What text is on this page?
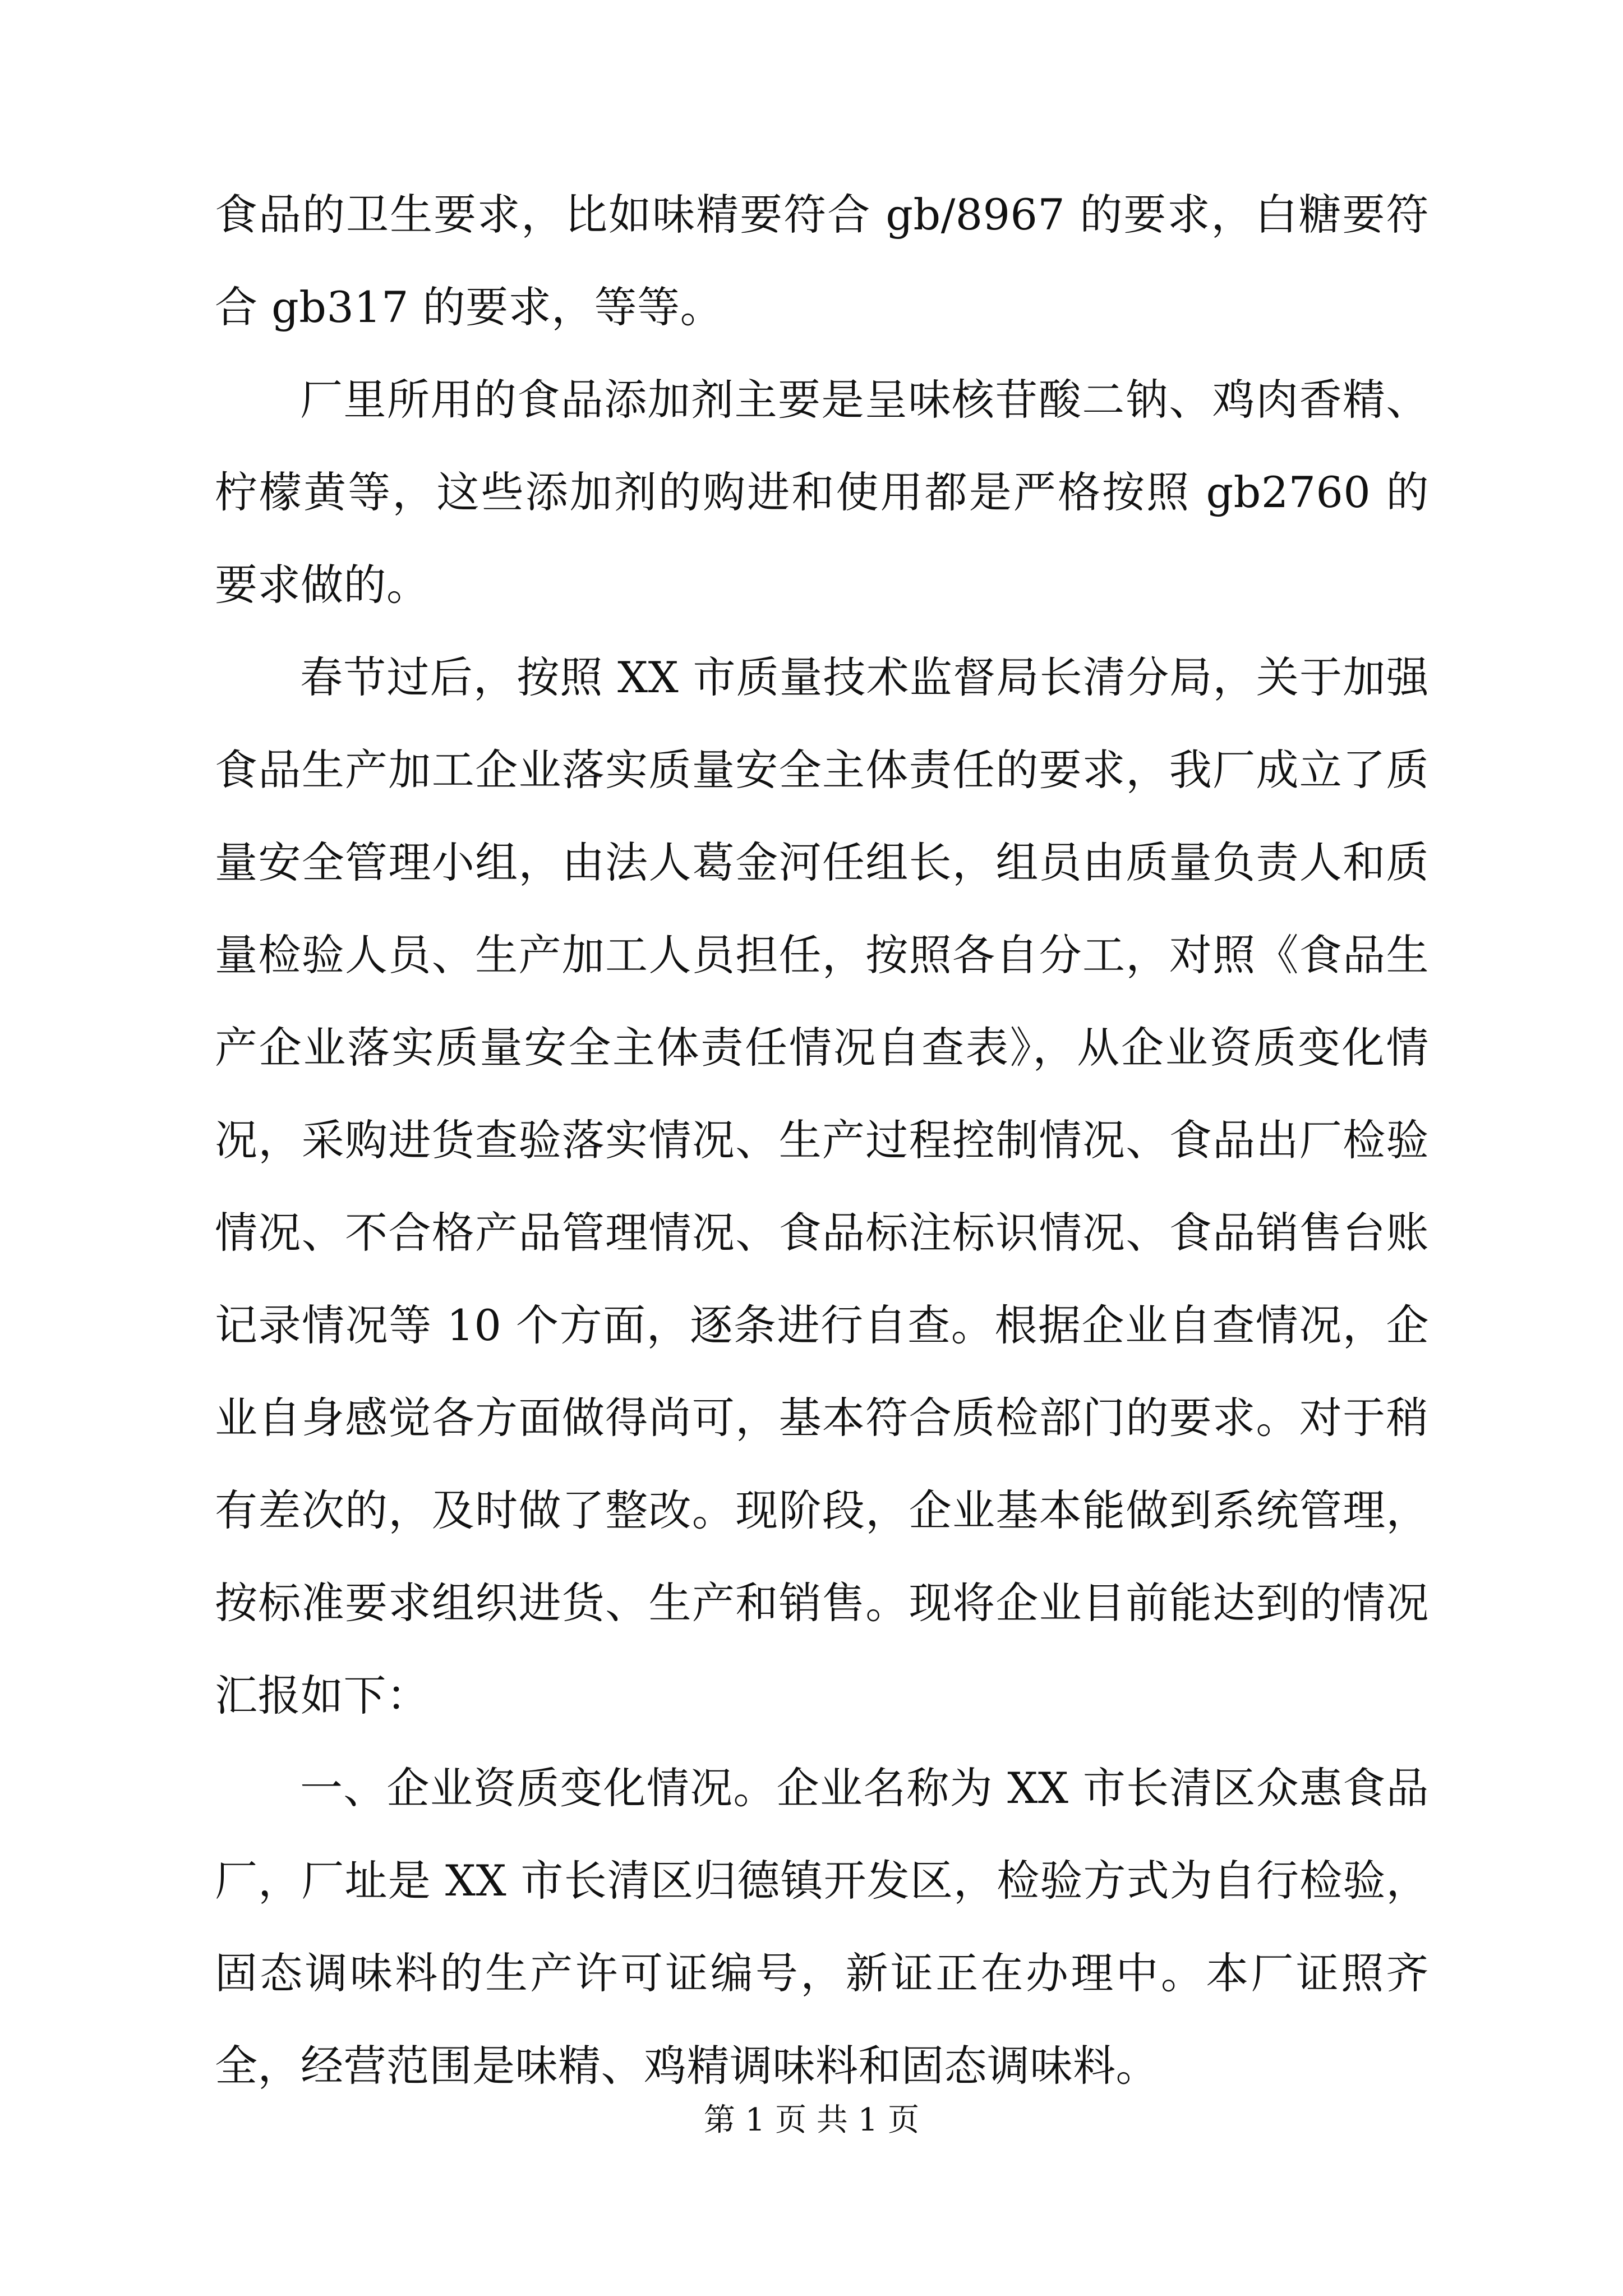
食品的卫生要求，比如味精要符合 gb/8967 的要求，白糖要符合 gb317 的要求，等等。

厂里所用的食品添加剂主要是呈味核苷酸二钠、鸡肉香精、柠檬黄等，这些添加剂的购进和使用都是严格按照 gb2760 的要求做的。

春节过后，按照 XX 市质量技术监督局长清分局，关于加强食品生产加工企业落实质量安全主体责任的要求，我厂成立了质量安全管理小组，由法人葛金河任组长，组员由质量负责人和质量检验人员、生产加工人员担任，按照各自分工，对照《食品生产企业落实质量安全主体责任情况自查表》，从企业资质变化情况，采购进货查验落实情况、生产过程控制情况、食品出厂检验情况、不合格产品管理情况、食品标注标识情况、食品销售台账记录情况等 10 个方面，逐条进行自查。根据企业自查情况，企业自身感觉各方面做得尚可，基本符合质检部门的要求。对于稍有差次的，及时做了整改。现阶段，企业基本能做到系统管理，按标准要求组织进货、生产和销售。现将企业目前能达到的情况汇报如下：

一、企业资质变化情况。企业名称为 XX 市长清区众惠食品厂，厂址是 XX 市长清区归德镇开发区，检验方式为自行检验，固态调味料的生产许可证编号，新证正在办理中。本厂证照齐全，经营范围是味精、鸡精调味料和固态调味料。

第 1 页 共 1 页
